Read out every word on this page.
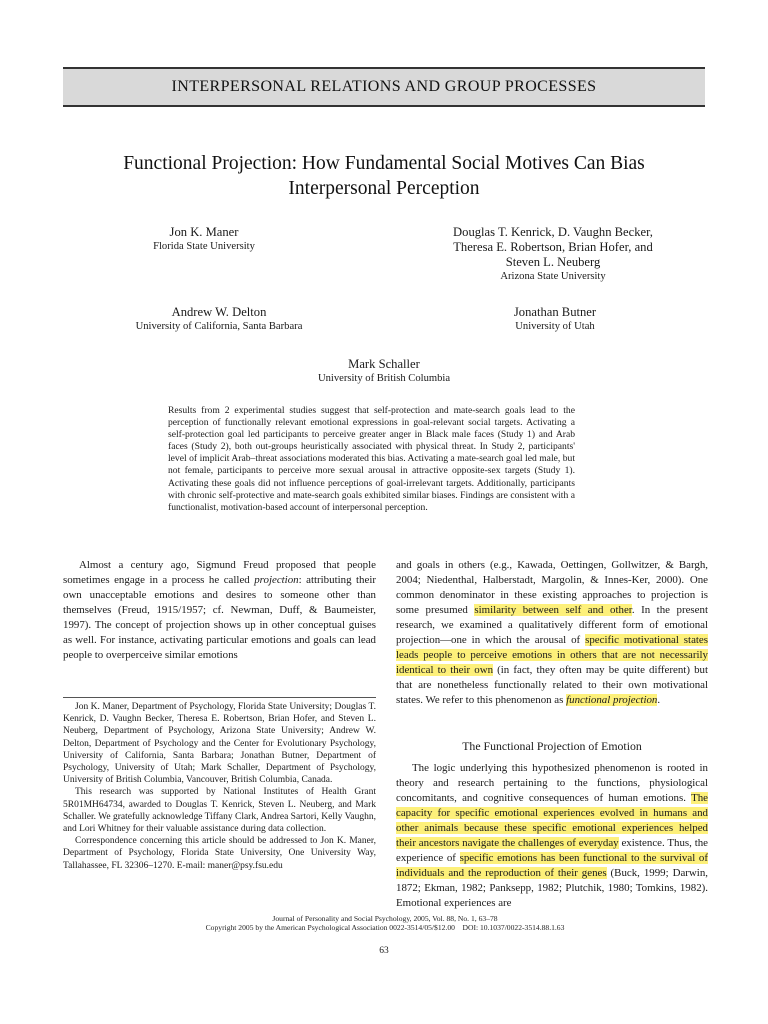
INTERPERSONAL RELATIONS AND GROUP PROCESSES
Functional Projection: How Fundamental Social Motives Can Bias
Interpersonal Perception
Jon K. Maner
Florida State University
Douglas T. Kenrick, D. Vaughn Becker,
Theresa E. Robertson, Brian Hofer, and
Steven L. Neuberg
Arizona State University
Andrew W. Delton
University of California, Santa Barbara
Jonathan Butner
University of Utah
Mark Schaller
University of British Columbia
Results from 2 experimental studies suggest that self-protection and mate-search goals lead to the perception of functionally relevant emotional expressions in goal-relevant social targets. Activating a self-protection goal led participants to perceive greater anger in Black male faces (Study 1) and Arab faces (Study 2), both out-groups heuristically associated with physical threat. In Study 2, participants' level of implicit Arab–threat associations moderated this bias. Activating a mate-search goal led male, but not female, participants to perceive more sexual arousal in attractive opposite-sex targets (Study 1). Activating these goals did not influence perceptions of goal-irrelevant targets. Additionally, participants with chronic self-protective and mate-search goals exhibited similar biases. Findings are consistent with a functionalist, motivation-based account of interpersonal perception.

Almost a century ago, Sigmund Freud proposed that people sometimes engage in a process he called projection: attributing their own unacceptable emotions and desires to someone other than themselves (Freud, 1915/1957; cf. Newman, Duff, & Baumeister, 1997). The concept of projection shows up in other conceptual guises as well. For instance, activating particular emotions and goals can lead people to overperceive similar emotions

Jon K. Maner, Department of Psychology, Florida State University; Douglas T. Kenrick, D. Vaughn Becker, Theresa E. Robertson, Brian Hofer, and Steven L. Neuberg, Department of Psychology, Arizona State University; Andrew W. Delton, Department of Psychology and the Center for Evolutionary Psychology, University of California, Santa Barbara; Jonathan Butner, Department of Psychology, University of Utah; Mark Schaller, Department of Psychology, University of British Columbia, Vancouver, British Columbia, Canada.

This research was supported by National Institutes of Health Grant 5R01MH64734, awarded to Douglas T. Kenrick, Steven L. Neuberg, and Mark Schaller. We gratefully acknowledge Tiffany Clark, Andrea Sartori, Kelly Vaughn, and Lori Whitney for their valuable assistance during data collection.

Correspondence concerning this article should be addressed to Jon K. Maner, Department of Psychology, Florida State University, One University Way, Tallahassee, FL 32306–1270. E-mail: maner@psy.fsu.edu

and goals in others (e.g., Kawada, Oettingen, Gollwitzer, & Bargh, 2004; Niedenthal, Halberstadt, Margolin, & Innes-Ker, 2000). One common denominator in these existing approaches to projection is some presumed similarity between self and other. In the present research, we examined a qualitatively different form of emotional projection—one in which the arousal of specific motivational states leads people to perceive emotions in others that are not necessarily identical to their own (in fact, they often may be quite different) but that are nonetheless functionally related to their own motivational states. We refer to this phenomenon as functional projection.

The Functional Projection of Emotion

The logic underlying this hypothesized phenomenon is rooted in theory and research pertaining to the functions, physiological concomitants, and cognitive consequences of human emotions. The capacity for specific emotional experiences evolved in humans and other animals because these specific emotional experiences helped their ancestors navigate the challenges of everyday existence. Thus, the experience of specific emotions has been functional to the survival of individuals and the reproduction of their genes (Buck, 1999; Darwin, 1872; Ekman, 1982; Panksepp, 1982; Plutchik, 1980; Tomkins, 1982). Emotional experiences are

Journal of Personality and Social Psychology, 2005, Vol. 88, No. 1, 63–78
Copyright 2005 by the American Psychological Association 0022-3514/05/$12.00    DOI: 10.1037/0022-3514.88.1.63
63
